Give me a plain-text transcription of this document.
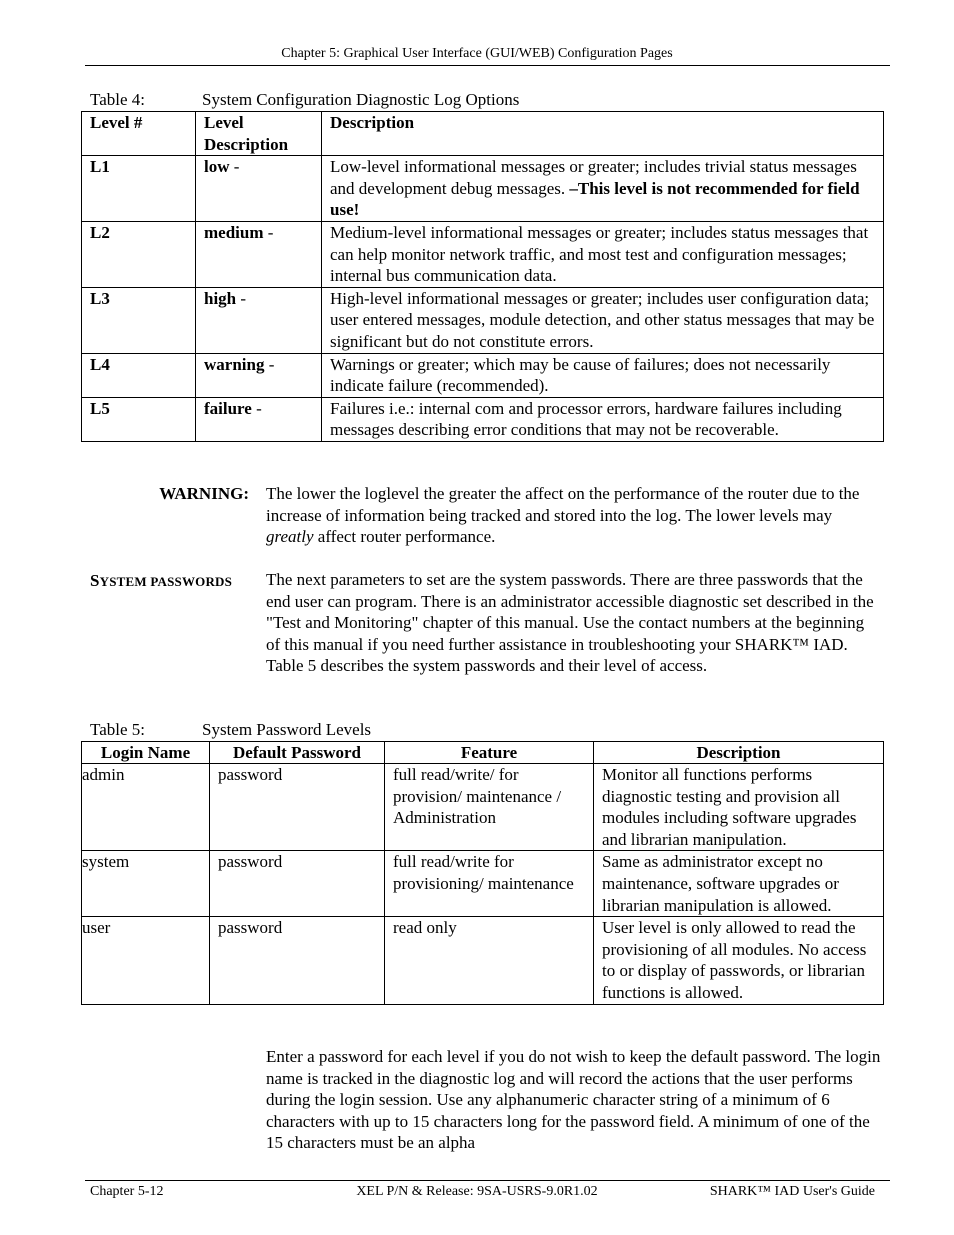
Chapter 5: Graphical User Interface (GUI/WEB) Configuration Pages
Table 4:	System Configuration Diagnostic Log Options
Level #	Level Description	Description
L1	low -	Low-level informational messages or greater; includes trivial status messages and development debug messages. –This level is not recommended for field use!
L2	medium -	Medium-level informational messages or greater; includes status messages that can help monitor network traffic, and most test and configuration messages; internal bus communication data.
L3	high -	High-level informational messages or greater; includes user configuration data; user entered messages, module detection, and other status messages that may be significant but do not constitute errors.
L4	warning -	Warnings or greater; which may be cause of failures; does not necessarily indicate failure (recommended).
L5	failure -	Failures i.e.: internal com and processor errors, hardware failures including messages describing error conditions that may not be recoverable.
WARNING: The lower the loglevel the greater the affect on the performance of the router due to the increase of information being tracked and stored into the log. The lower levels may greatly affect router performance.
SYSTEM PASSWORDS The next parameters to set are the system passwords. There are three passwords that the end user can program. There is an administrator accessible diagnostic set described in the "Test and Monitoring" chapter of this manual. Use the contact numbers at the beginning of this manual if you need further assistance in troubleshooting your SHARK™ IAD. Table 5 describes the system passwords and their level of access.
Table 5:	System Password Levels
Login Name	Default Password	Feature	Description
admin	password	full read/write/ for provision/ maintenance / Administration	Monitor all functions performs diagnostic testing and provision all modules including software upgrades and librarian manipulation.
system	password	full read/write for provisioning/ maintenance	Same as administrator except no maintenance, software upgrades or librarian manipulation is allowed.
user	password	read only	User level is only allowed to read the provisioning of all modules. No access to or display of passwords, or librarian functions is allowed.
Enter a password for each level if you do not wish to keep the default password. The login name is tracked in the diagnostic log and will record the actions that the user performs during the login session. Use any alphanumeric character string of a minimum of 6 characters with up to 15 characters long for the password field. A minimum of one of the 15 characters must be an alpha
Chapter 5-12	XEL P/N & Release: 9SA-USRS-9.0R1.02	SHARK™ IAD User's Guide
